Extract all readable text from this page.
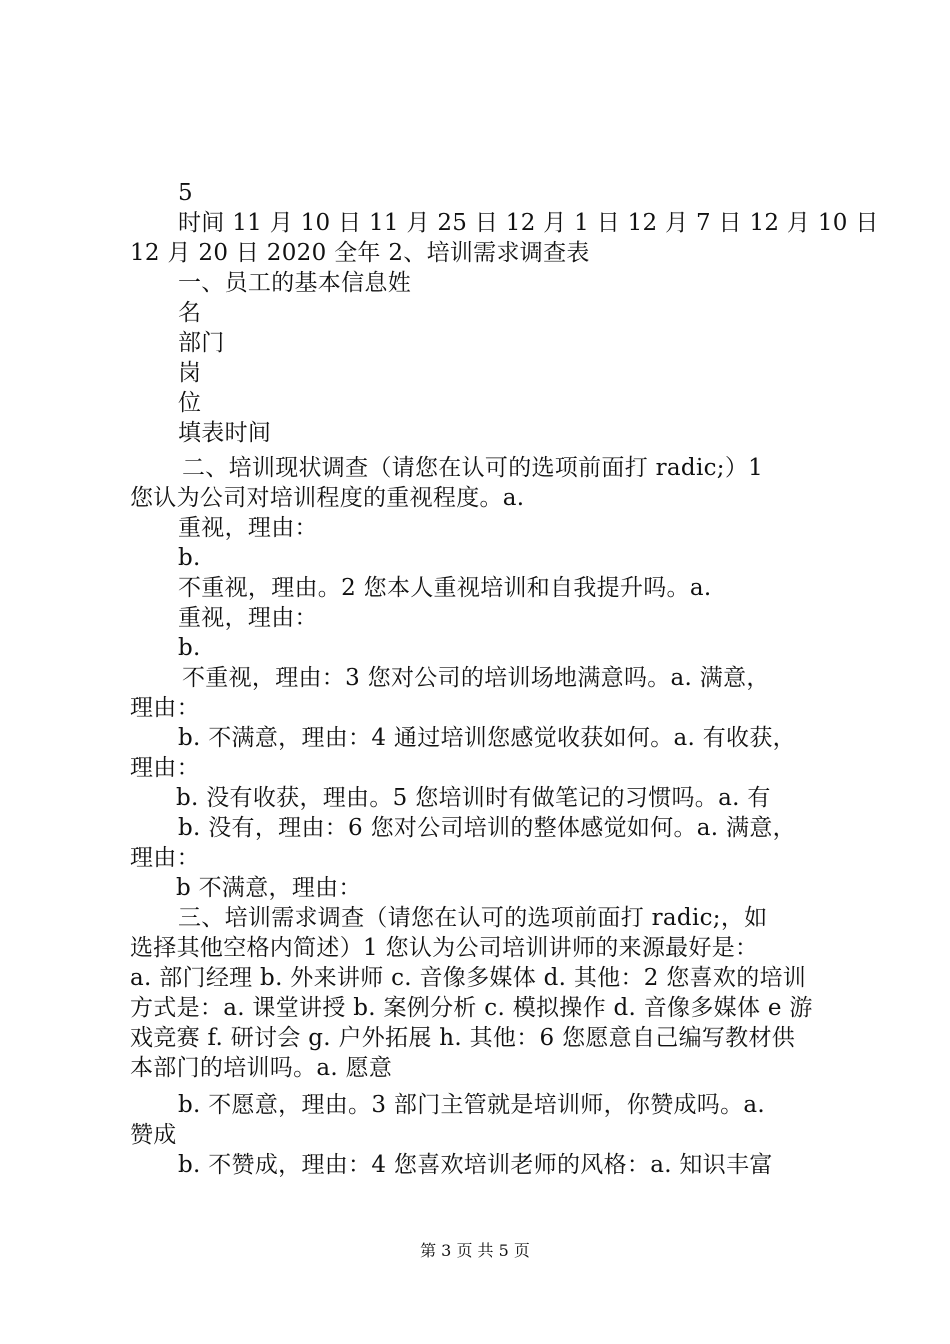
5
时间 11 月 10 日 11 月 25 日 12 月 1 日 12 月 7 日 12 月 10 日
12 月 20 日 2020 全年 2、培训需求调查表
一、员工的基本信息姓
名
部门
岗
位
填表时间
二、培训现状调查（请您在认可的选项前面打 radic;）1
您认为公司对培训程度的重视程度。a.
重视，理由：
b.
不重视，理由。2 您本人重视培训和自我提升吗。a.
重视，理由：
b.
不重视，理由：3 您对公司的培训场地满意吗。a. 满意，
理由：
b. 不满意，理由：4 通过培训您感觉收获如何。a. 有收获，
理由：
b. 没有收获，理由。5 您培训时有做笔记的习惯吗。a. 有
b. 没有，理由：6 您对公司培训的整体感觉如何。a. 满意，
理由：
b 不满意，理由：
三、培训需求调查（请您在认可的选项前面打 radic;，如
选择其他空格内简述）1 您认为公司培训讲师的来源最好是：
a. 部门经理 b. 外来讲师 c. 音像多媒体 d. 其他：2 您喜欢的培训
方式是：a. 课堂讲授 b. 案例分析 c. 模拟操作 d. 音像多媒体 e 游
戏竞赛 f. 研讨会 g. 户外拓展 h. 其他：6 您愿意自己编写教材供
本部门的培训吗。a. 愿意
b. 不愿意，理由。3 部门主管就是培训师，你赞成吗。a.
赞成
b. 不赞成，理由：4 您喜欢培训老师的风格：a. 知识丰富
第 3 页 共 5 页
